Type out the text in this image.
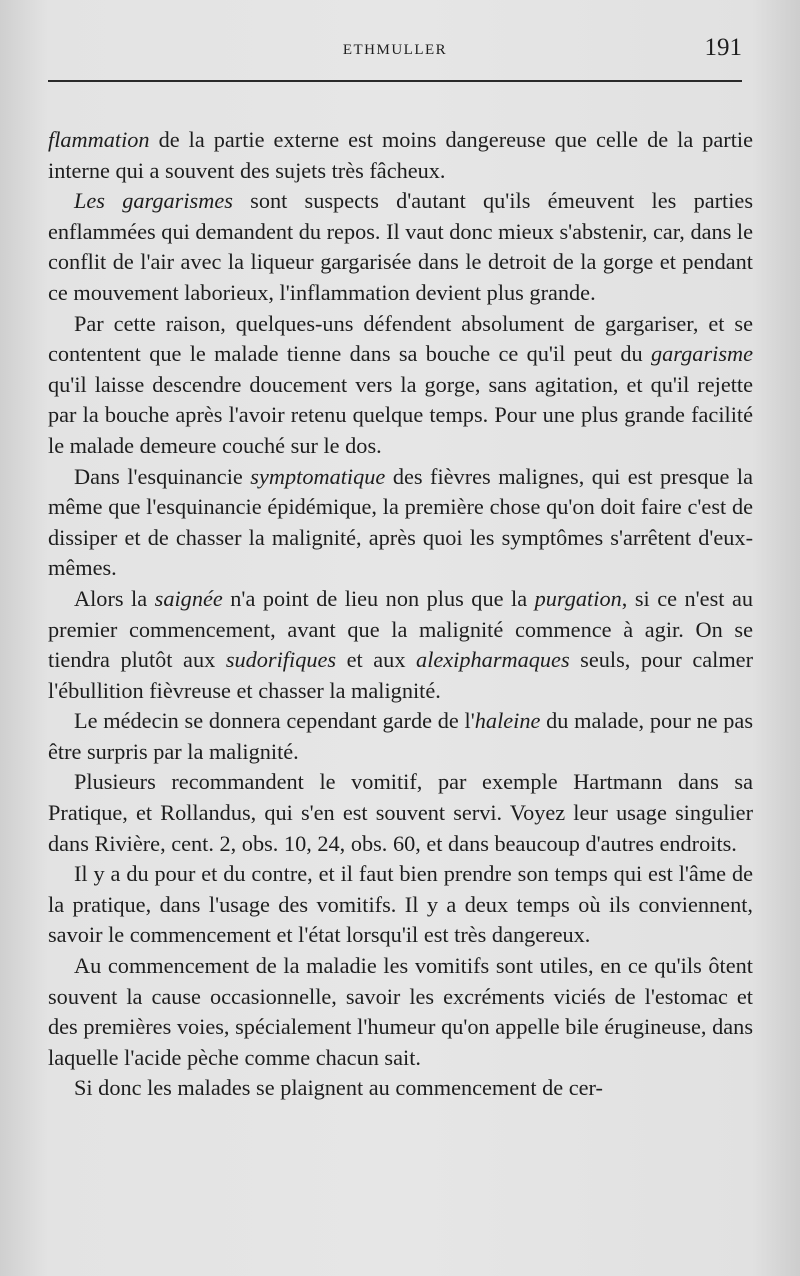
ETHMULLER	191

flammation de la partie externe est moins dangereuse que celle de la partie interne qui a souvent des sujets très fâcheux.

Les gargarismes sont suspects d'autant qu'ils émeuvent les parties enflammées qui demandent du repos. Il vaut donc mieux s'abstenir, car, dans le conflit de l'air avec la liqueur gargarisée dans le detroit de la gorge et pendant ce mouvement laborieux, l'inflammation devient plus grande.

Par cette raison, quelques-uns défendent absolument de gargariser, et se contentent que le malade tienne dans sa bouche ce qu'il peut du gargarisme qu'il laisse descendre doucement vers la gorge, sans agitation, et qu'il rejette par la bouche après l'avoir retenu quelque temps. Pour une plus grande facilité le malade demeure couché sur le dos.

Dans l'esquinancie symptomatique des fièvres malignes, qui est presque la même que l'esquinancie épidémique, la première chose qu'on doit faire c'est de dissiper et de chasser la malignité, après quoi les symptômes s'arrêtent d'eux-mêmes.

Alors la saignée n'a point de lieu non plus que la purgation, si ce n'est au premier commencement, avant que la malignité commence à agir. On se tiendra plutôt aux sudorifiques et aux alexipharmaques seuls, pour calmer l'ébullition fièvreuse et chasser la malignité.

Le médecin se donnera cependant garde de l'haleine du malade, pour ne pas être surpris par la malignité.

Plusieurs recommandent le vomitif, par exemple Hartmann dans sa Pratique, et Rollandus, qui s'en est souvent servi. Voyez leur usage singulier dans Rivière, cent. 2, obs. 10, 24, obs. 60, et dans beaucoup d'autres endroits.

Il y a du pour et du contre, et il faut bien prendre son temps qui est l'âme de la pratique, dans l'usage des vomitifs. Il y a deux temps où ils conviennent, savoir le commencement et l'état lorsqu'il est très dangereux.

Au commencement de la maladie les vomitifs sont utiles, en ce qu'ils ôtent souvent la cause occasionnelle, savoir les excréments viciés de l'estomac et des premières voies, spécialement l'humeur qu'on appelle bile érugineuse, dans laquelle l'acide pèche comme chacun sait.

Si donc les malades se plaignent au commencement de cer-
